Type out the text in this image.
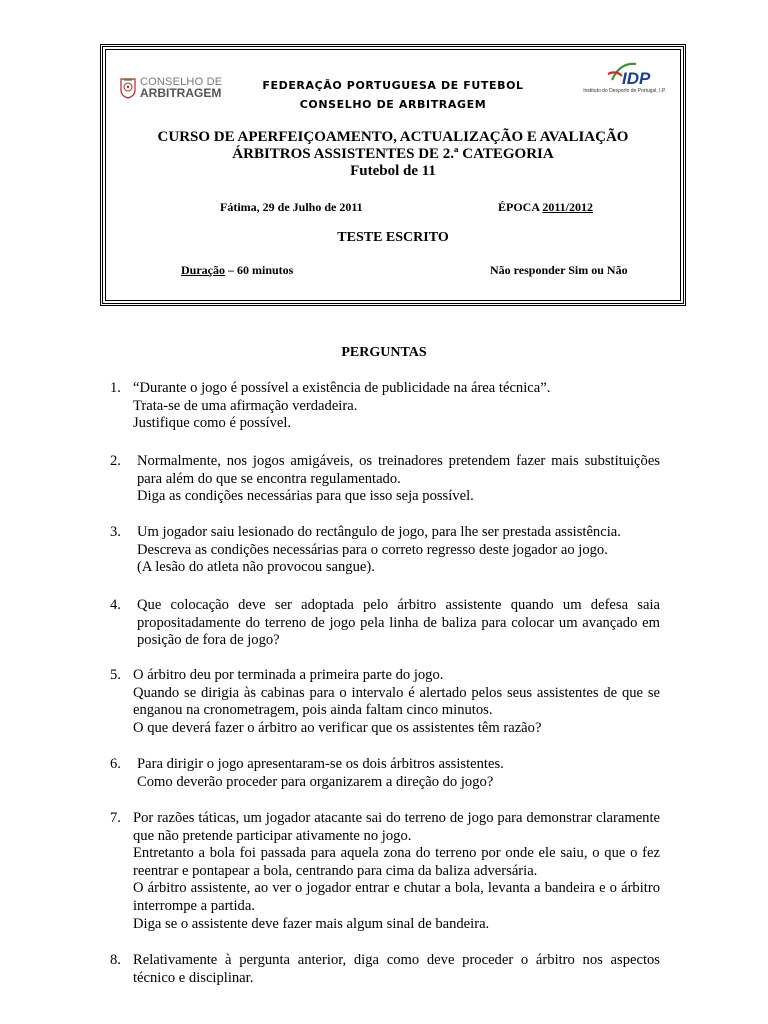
CONSELHO DE
ARBITRAGEM
FEDERAÇÃO PORTUGUESA DE FUTEBOL
CONSELHO DE ARBITRAGEM
IDP
Instituto do Desporto de Portugal, I.P.
CURSO DE APERFEIÇOAMENTO, ACTUALIZAÇÃO E AVALIAÇÃO
ÁRBITROS ASSISTENTES DE 2.ª CATEGORIA
Futebol de 11
Fátima, 29 de Julho de 2011	ÉPOCA 2011/2012
TESTE ESCRITO
Duração – 60 minutos	Não responder Sim ou Não
PERGUNTAS
1. “Durante o jogo é possível a existência de publicidade na área técnica”.
Trata-se de uma afirmação verdadeira.
Justifique como é possível.
2. Normalmente, nos jogos amigáveis, os treinadores pretendem fazer mais substituições para além do que se encontra regulamentado.
Diga as condições necessárias para que isso seja possível.
3. Um jogador saiu lesionado do rectângulo de jogo, para lhe ser prestada assistência.
Descreva as condições necessárias para o correto regresso deste jogador ao jogo.
(A lesão do atleta não provocou sangue).
4. Que colocação deve ser adoptada pelo árbitro assistente quando um defesa saia propositadamente do terreno de jogo pela linha de baliza para colocar um avançado em posição de fora de jogo?
5. O árbitro deu por terminada a primeira parte do jogo.
Quando se dirigia às cabinas para o intervalo é alertado pelos seus assistentes de que se enganou na cronometragem, pois ainda faltam cinco minutos.
O que deverá fazer o árbitro ao verificar que os assistentes têm razão?
6. Para dirigir o jogo apresentaram-se os dois árbitros assistentes.
Como deverão proceder para organizarem a direção do jogo?
7. Por razões táticas, um jogador atacante sai do terreno de jogo para demonstrar claramente que não pretende participar ativamente no jogo.
Entretanto a bola foi passada para aquela zona do terreno por onde ele saiu, o que o fez reentrar e pontapear a bola, centrando para cima da baliza adversária.
O árbitro assistente, ao ver o jogador entrar e chutar a bola, levanta a bandeira e o árbitro interrompe a partida.
Diga se o assistente deve fazer mais algum sinal de bandeira.
8. Relativamente à pergunta anterior, diga como deve proceder o árbitro nos aspectos técnico e disciplinar.
